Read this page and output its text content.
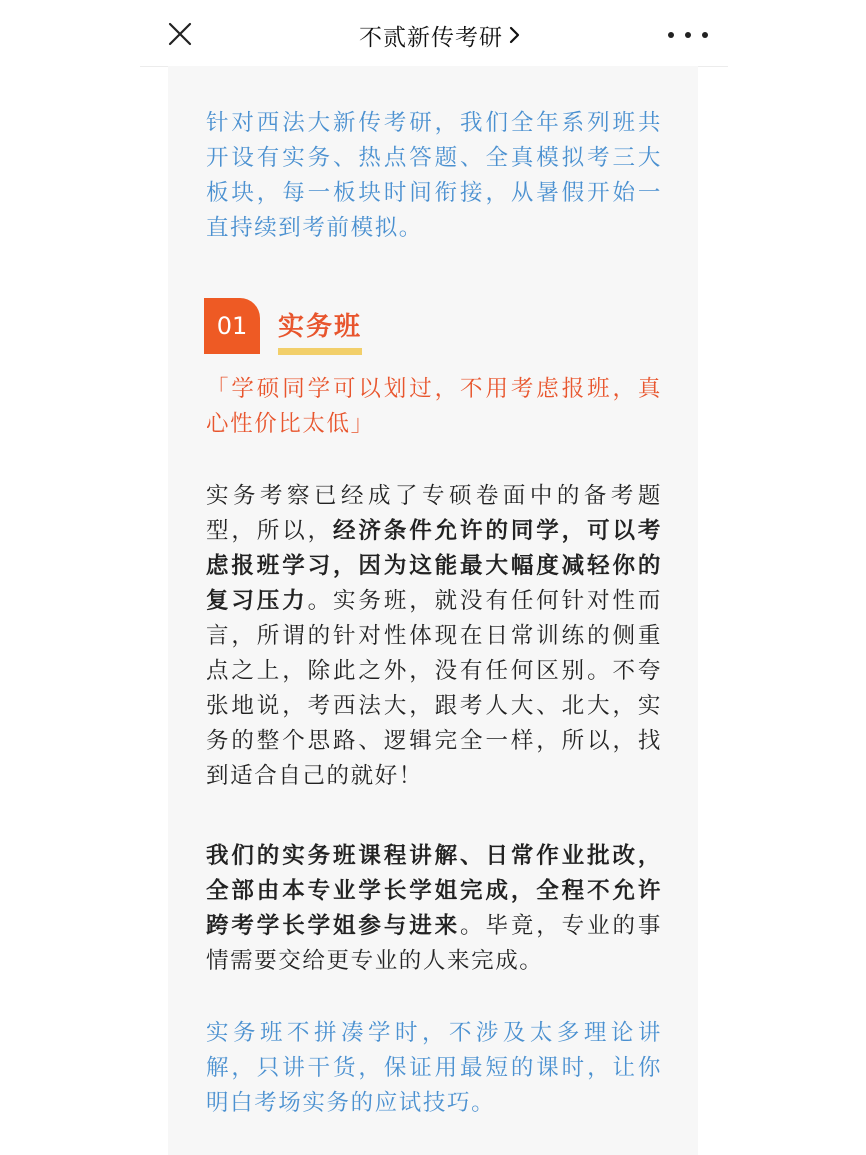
不贰新传考研

针对西法大新传考研，我们全年系列班共开设有实务、热点答题、全真模拟考三大板块，每一板块时间衔接，从暑假开始一直持续到考前模拟。

01	实务班

「学硕同学可以划过，不用考虑报班，真心性价比太低」

实务考察已经成了专硕卷面中的备考题型，所以，经济条件允许的同学，可以考虑报班学习，因为这能最大幅度减轻你的复习压力。实务班，就没有任何针对性而言，所谓的针对性体现在日常训练的侧重点之上，除此之外，没有任何区别。不夸张地说，考西法大，跟考人大、北大，实务的整个思路、逻辑完全一样，所以，找到适合自己的就好！

我们的实务班课程讲解、日常作业批改，全部由本专业学长学姐完成，全程不允许跨考学长学姐参与进来。毕竟，专业的事情需要交给更专业的人来完成。

实务班不拼凑学时，不涉及太多理论讲解，只讲干货，保证用最短的课时，让你明白考场实务的应试技巧。
